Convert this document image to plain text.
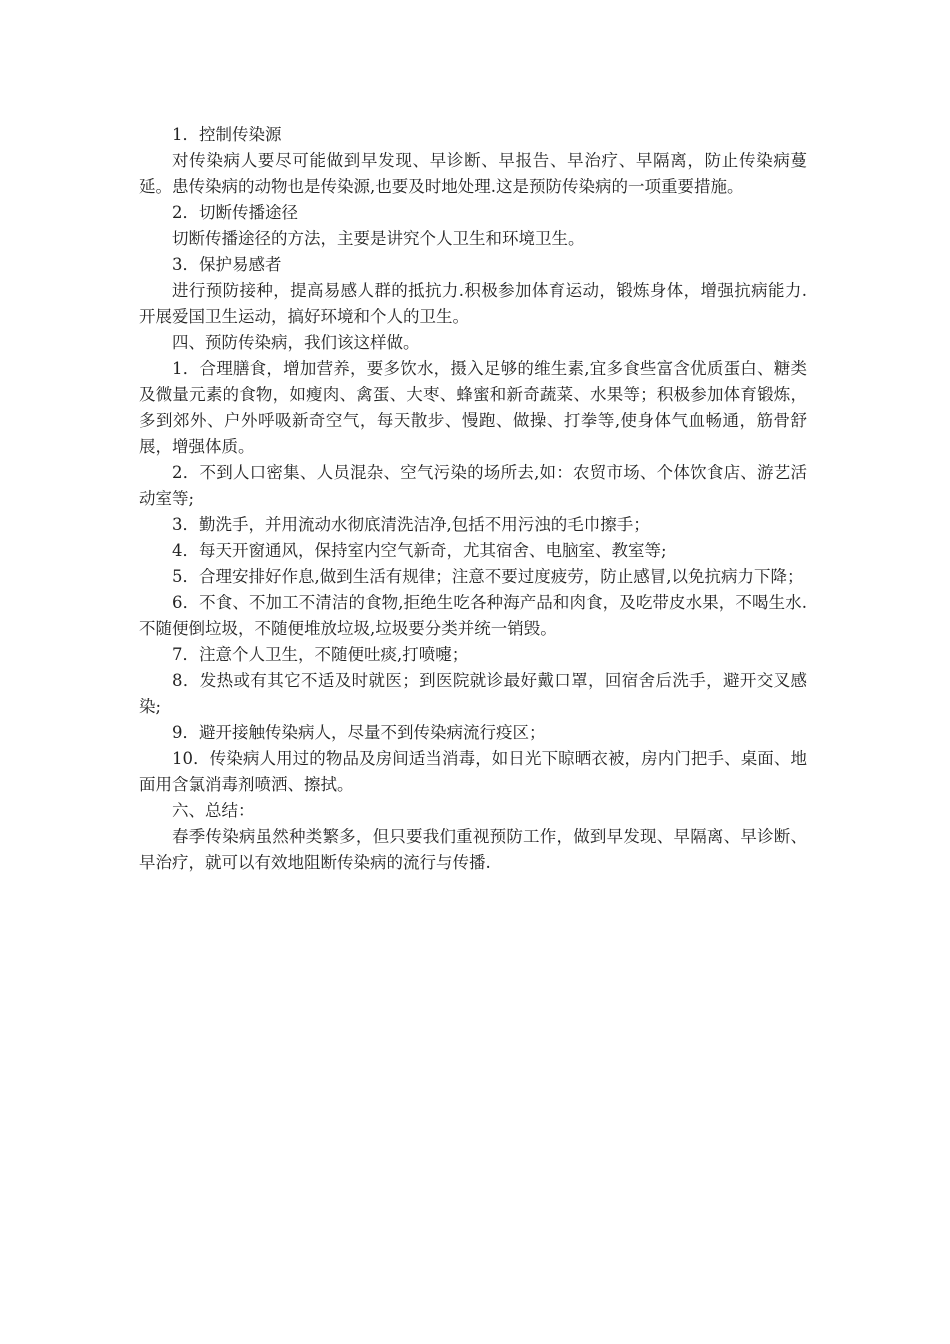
1．控制传染源

对传染病人要尽可能做到早发现、早诊断、早报告、早治疗、早隔离，防止传染病蔓延。患传染病的动物也是传染源,也要及时地处理.这是预防传染病的一项重要措施。

2．切断传播途径

切断传播途径的方法，主要是讲究个人卫生和环境卫生。

3．保护易感者

进行预防接种，提高易感人群的抵抗力.积极参加体育运动，锻炼身体，增强抗病能力.开展爱国卫生运动，搞好环境和个人的卫生。

四、预防传染病，我们该这样做。

1．合理膳食，增加营养，要多饮水，摄入足够的维生素,宜多食些富含优质蛋白、糖类及微量元素的食物，如瘦肉、禽蛋、大枣、蜂蜜和新奇蔬菜、水果等；积极参加体育锻炼，多到郊外、户外呼吸新奇空气，每天散步、慢跑、做操、打拳等,使身体气血畅通，筋骨舒展，增强体质。

2．不到人口密集、人员混杂、空气污染的场所去,如：农贸市场、个体饮食店、游艺活动室等;

3．勤洗手，并用流动水彻底清洗洁净,包括不用污浊的毛巾擦手；

4．每天开窗通风，保持室内空气新奇，尤其宿舍、电脑室、教室等;

5．合理安排好作息,做到生活有规律；注意不要过度疲劳，防止感冒,以免抗病力下降；

6．不食、不加工不清洁的食物,拒绝生吃各种海产品和肉食，及吃带皮水果，不喝生水.不随便倒垃圾，不随便堆放垃圾,垃圾要分类并统一销毁。

7．注意个人卫生，不随便吐痰,打喷嚏；

8．发热或有其它不适及时就医；到医院就诊最好戴口罩，回宿舍后洗手，避开交叉感染;

9．避开接触传染病人，尽量不到传染病流行疫区；

10．传染病人用过的物品及房间适当消毒，如日光下晾晒衣被，房内门把手、桌面、地面用含氯消毒剂喷洒、擦拭。

六、总结：

春季传染病虽然种类繁多，但只要我们重视预防工作，做到早发现、早隔离、早诊断、早治疗，就可以有效地阻断传染病的流行与传播.
